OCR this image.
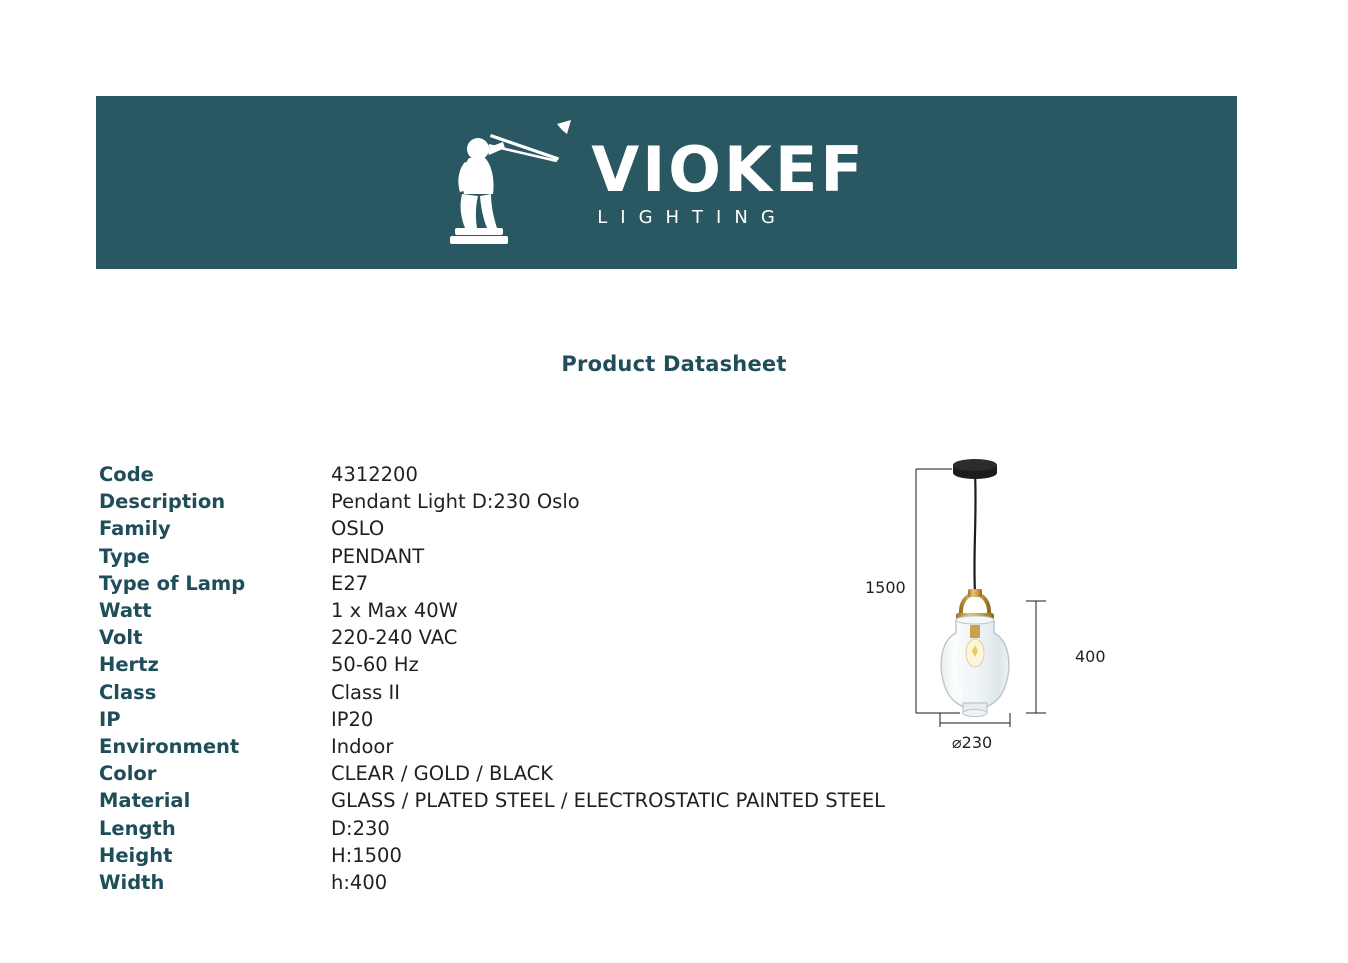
VIOKEF
LIGHTING
Product Datasheet
Code	4312200
Description	Pendant Light D:230 Oslo
Family	OSLO
Type	PENDANT
Type of Lamp	E27
Watt	1 x Max 40W
Volt	220-240 VAC
Hertz	50-60 Hz
Class	Class II
IP	IP20
Environment	Indoor
Color	CLEAR / GOLD / BLACK
Material	GLASS / PLATED STEEL / ELECTROSTATIC PAINTED STEEL
Length	D:230
Height	H:1500
Width	h:400
1500
400
⌀230
